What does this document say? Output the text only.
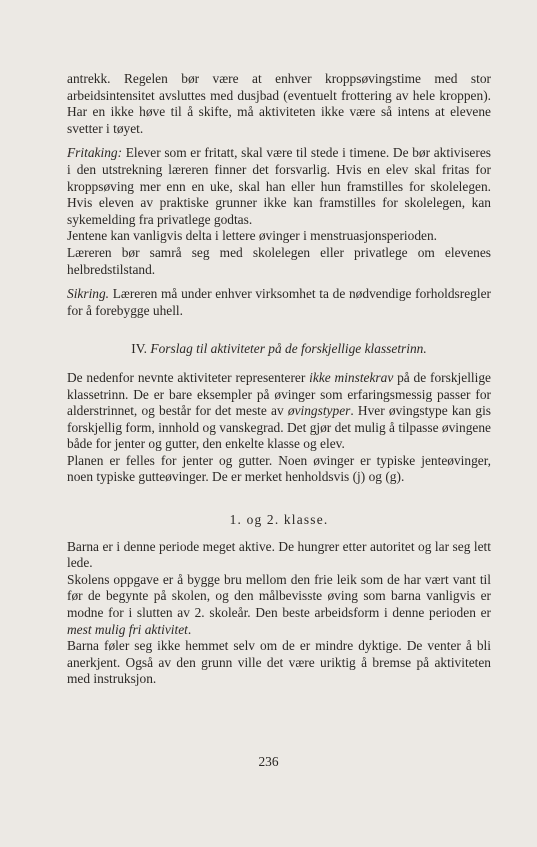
antrekk. Regelen bør være at enhver kroppsøvingstime med stor arbeidsintensitet avsluttes med dusjbad (eventuelt frottering av hele kroppen). Har en ikke høve til å skifte, må aktiviteten ikke være så intens at elevene svetter i tøyet.

Fritaking: Elever som er fritatt, skal være til stede i timene. De bør aktiviseres i den utstrekning læreren finner det forsvarlig. Hvis en elev skal fritas for kroppsøving mer enn en uke, skal han eller hun framstilles for skolelegen. Hvis eleven av praktiske grunner ikke kan framstilles for skolelegen, kan sykemelding fra privatlege godtas.

Jentene kan vanligvis delta i lettere øvinger i menstruasjonsperioden.

Læreren bør samrå seg med skolelegen eller privatlege om elevenes helbredstilstand.

Sikring. Læreren må under enhver virksomhet ta de nødvendige forholdsregler for å forebygge uhell.

IV. Forslag til aktiviteter på de forskjellige klassetrinn.

De nedenfor nevnte aktiviteter representerer ikke minstekrav på de forskjellige klassetrinn. De er bare eksempler på øvinger som erfaringsmessig passer for alderstrinnet, og består for det meste av øvingstyper. Hver øvingstype kan gis forskjellig form, innhold og vanskegrad. Det gjør det mulig å tilpasse øvingene både for jenter og gutter, den enkelte klasse og elev.

Planen er felles for jenter og gutter. Noen øvinger er typiske jenteøvinger, noen typiske gutteøvinger. De er merket henholdsvis (j) og (g).

1. og 2. klasse.

Barna er i denne periode meget aktive. De hungrer etter autoritet og lar seg lett lede.

Skolens oppgave er å bygge bru mellom den frie leik som de har vært vant til før de begynte på skolen, og den målbevisste øving som barna vanligvis er modne for i slutten av 2. skoleår. Den beste arbeidsform i denne perioden er mest mulig fri aktivitet.

Barna føler seg ikke hemmet selv om de er mindre dyktige. De venter å bli anerkjent. Også av den grunn ville det være uriktig å bremse på aktiviteten med instruksjon.

236
